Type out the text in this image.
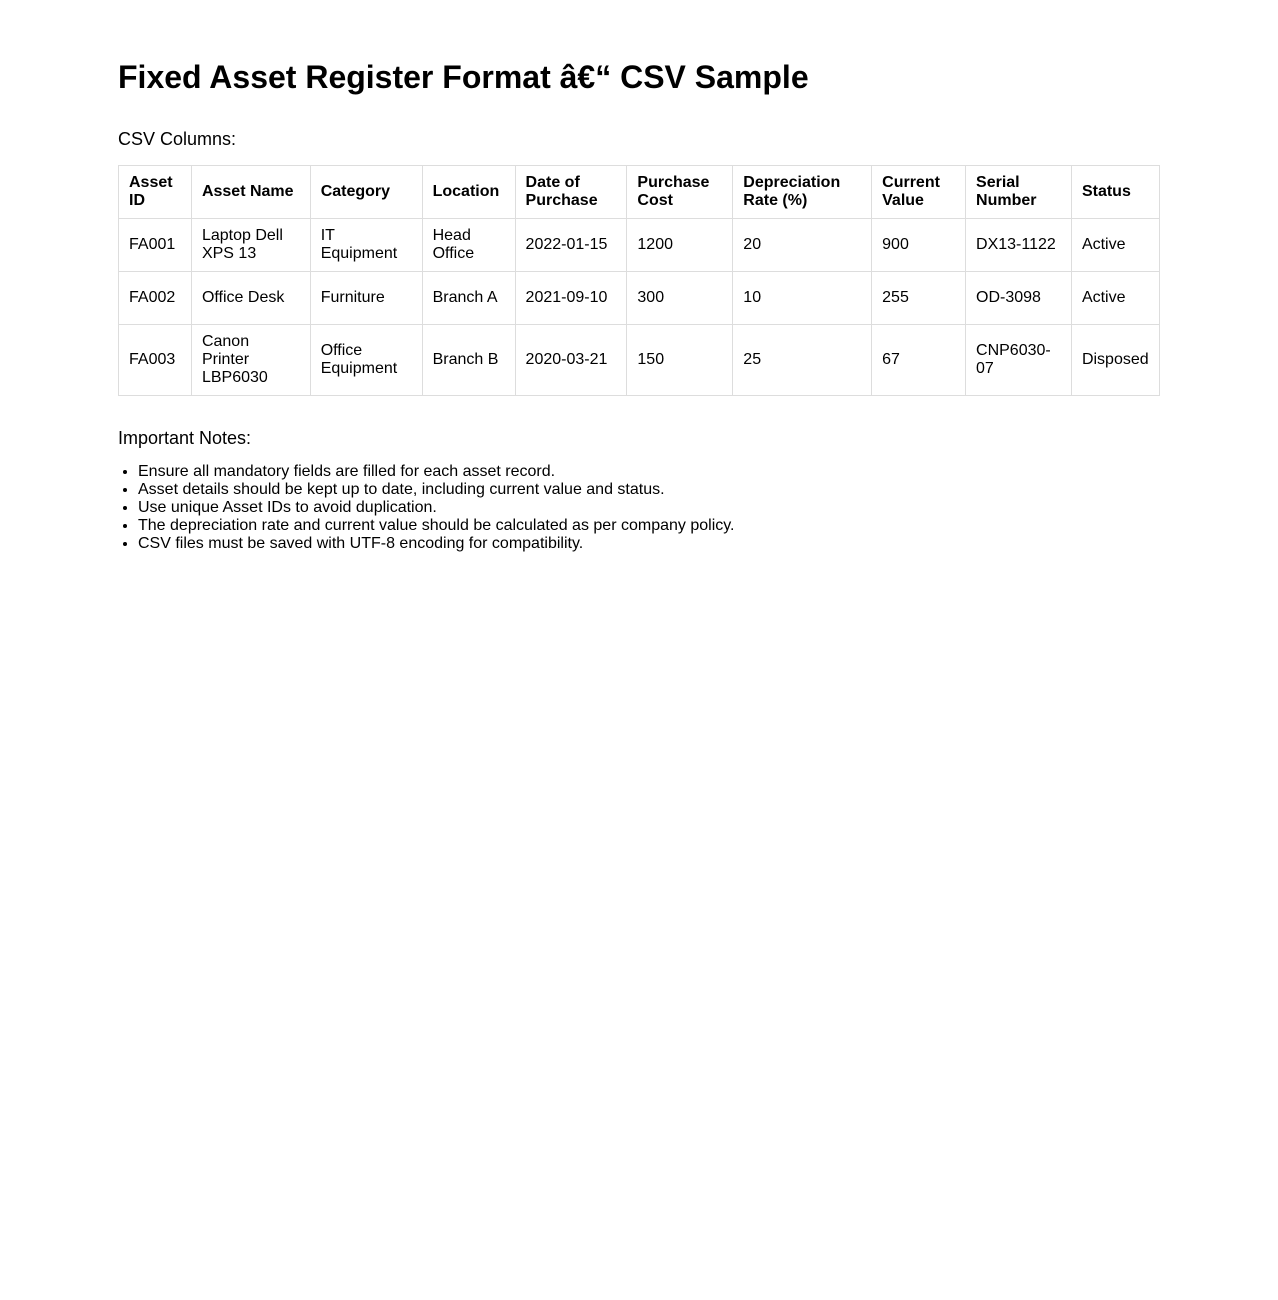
Fixed Asset Register Format â€“ CSV Sample

CSV Columns:

Asset ID	Asset Name	Category	Location	Date of Purchase	Purchase Cost	Depreciation Rate (%)	Current Value	Serial Number	Status
FA001	Laptop Dell XPS 13	IT Equipment	Head Office	2022-01-15	1200	20	900	DX13-1122	Active
FA002	Office Desk	Furniture	Branch A	2021-09-10	300	10	255	OD-3098	Active
FA003	Canon Printer LBP6030	Office Equipment	Branch B	2020-03-21	150	25	67	CNP6030-07	Disposed

Important Notes:

• Ensure all mandatory fields are filled for each asset record.
• Asset details should be kept up to date, including current value and status.
• Use unique Asset IDs to avoid duplication.
• The depreciation rate and current value should be calculated as per company policy.
• CSV files must be saved with UTF-8 encoding for compatibility.
